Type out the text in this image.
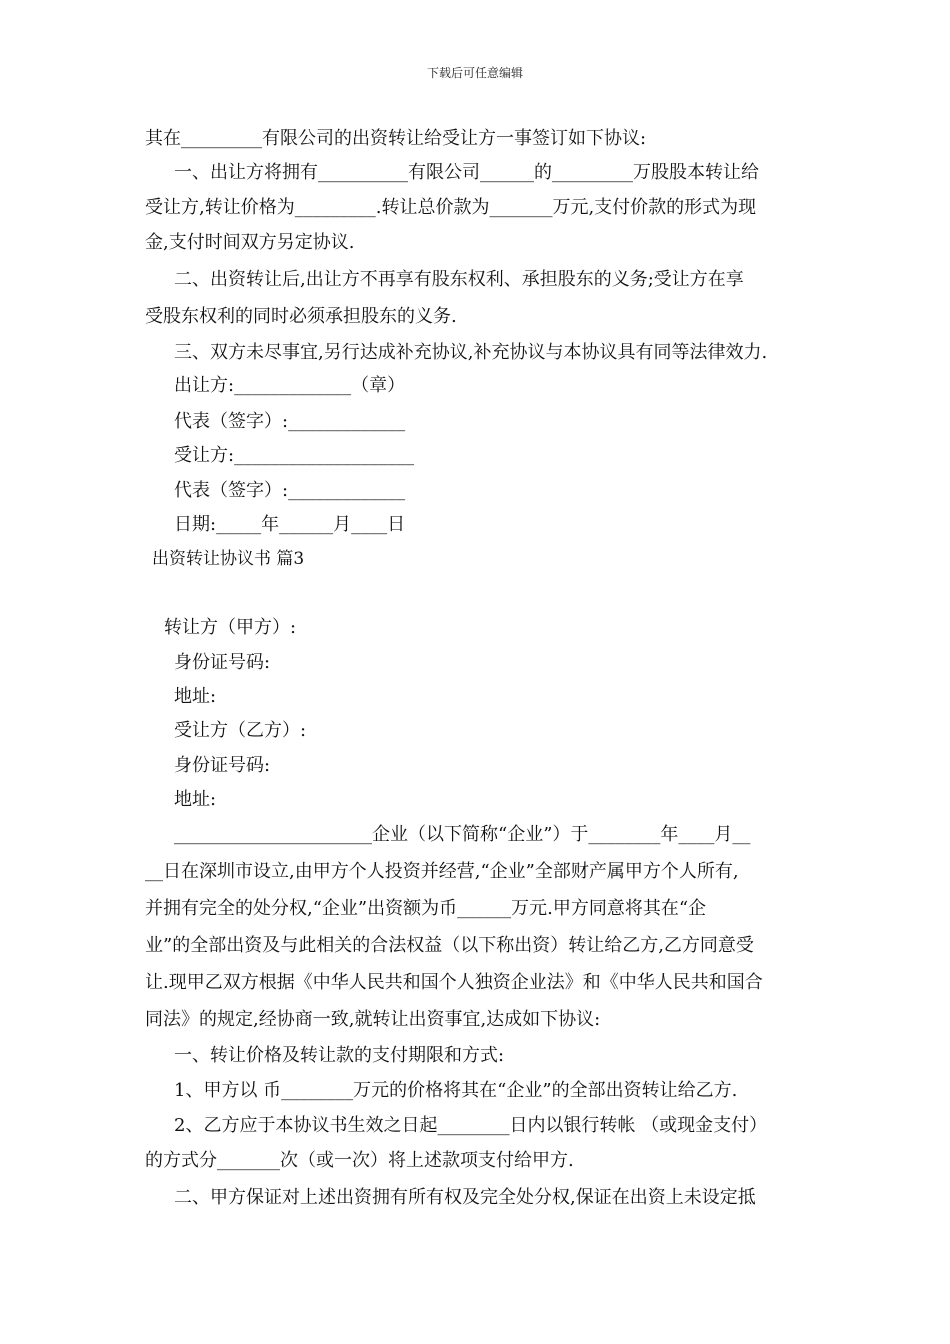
下载后可任意编辑
其在_________有限公司的出资转让给受让方一事签订如下协议:
一、出让方将拥有__________有限公司______的_________万股股本转让给
受让方,转让价格为_________.转让总价款为_______万元,支付价款的形式为现
金,支付时间双方另定协议.
二、出资转让后,出让方不再享有股东权利、承担股东的义务;受让方在享
受股东权利的同时必须承担股东的义务.
三、双方未尽事宜,另行达成补充协议,补充协议与本协议具有同等法律效力.
出让方:_____________（章）
代表（签字）:_____________
受让方:____________________
代表（签字）:_____________
日期:_____年______月____日
出资转让协议书 篇3
转让方（甲方）:
身份证号码:
地址:
受让方（乙方）:
身份证号码:
地址:
______________________企业（以下简称“企业”）于________年____月__
__日在深圳市设立,由甲方个人投资并经营,“企业”全部财产属甲方个人所有,
并拥有完全的处分权,“企业”出资额为币______万元.甲方同意将其在“企
业”的全部出资及与此相关的合法权益（以下称出资）转让给乙方,乙方同意受
让.现甲乙双方根据《中华人民共和国个人独资企业法》和《中华人民共和国合
同法》的规定,经协商一致,就转让出资事宜,达成如下协议:
一、转让价格及转让款的支付期限和方式:
1、甲方以 币________万元的价格将其在“企业”的全部出资转让给乙方.
2、乙方应于本协议书生效之日起________日内以银行转帐 （或现金支付）
的方式分_______次（或一次）将上述款项支付给甲方.
二、甲方保证对上述出资拥有所有权及完全处分权,保证在出资上未设定抵
